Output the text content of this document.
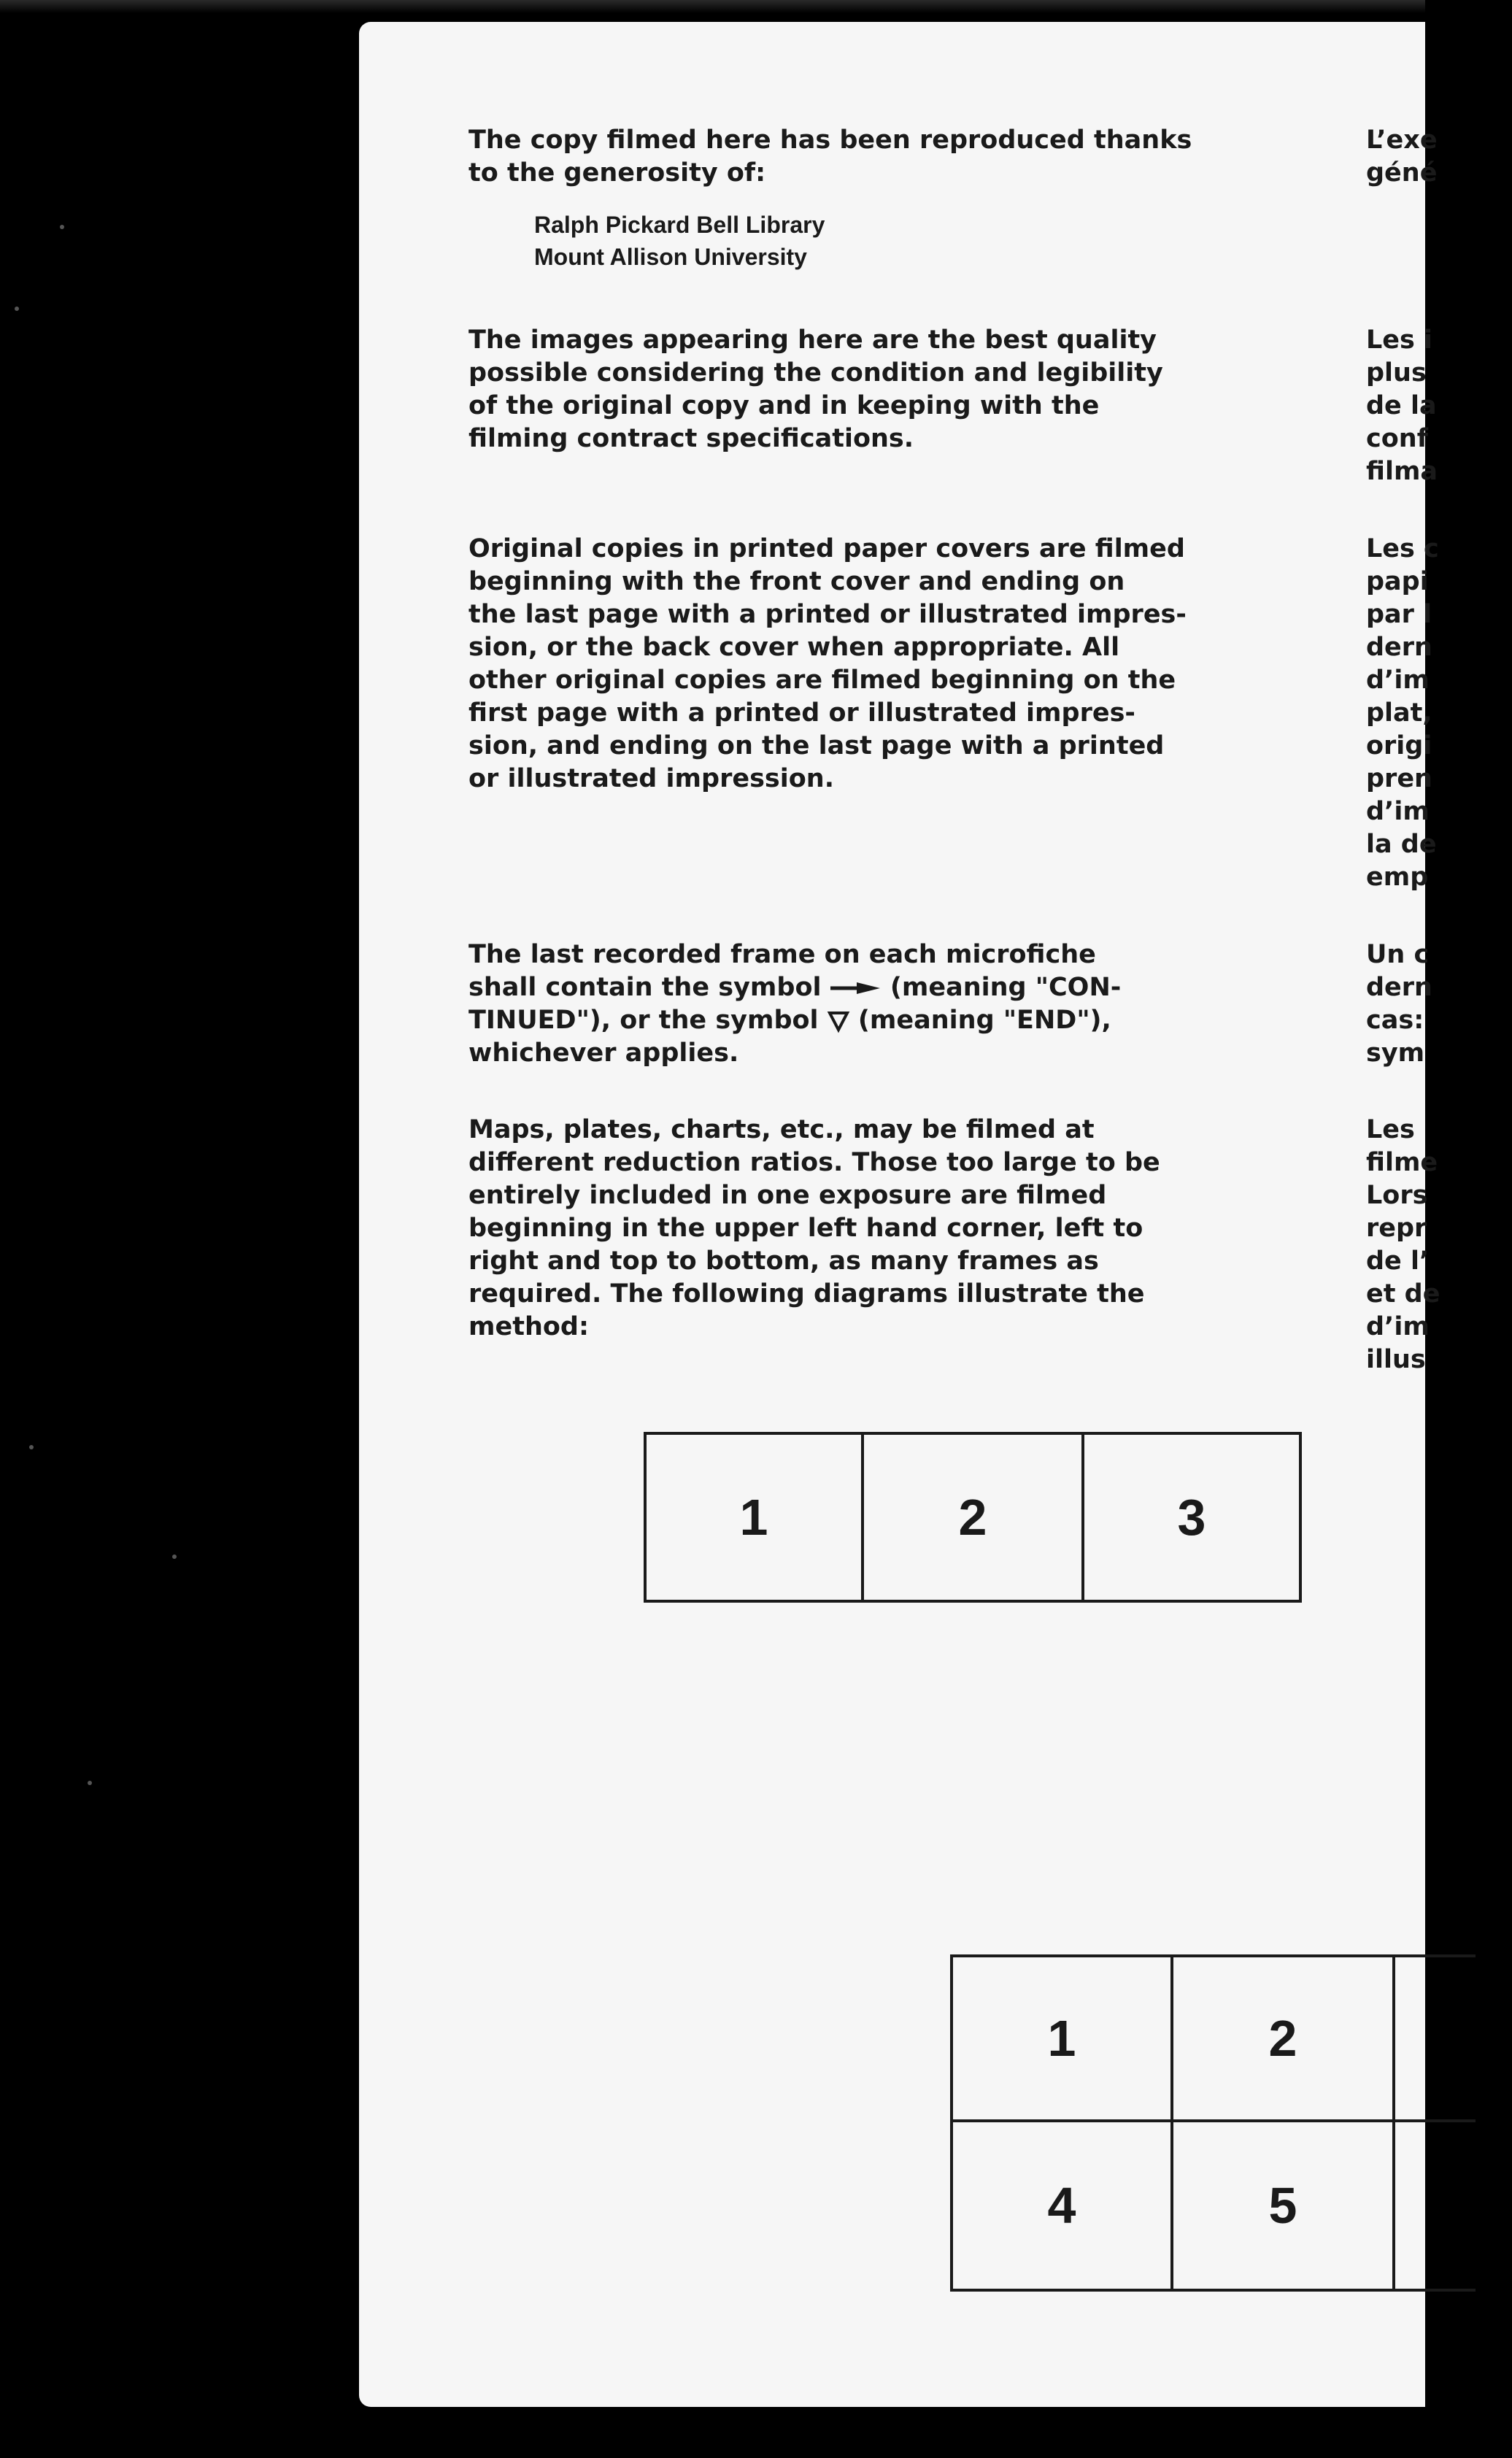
The copy filmed here has been reproduced thanks
to the generosity of:

Ralph Pickard Bell Library
Mount Allison University

The images appearing here are the best quality
possible considering the condition and legibility
of the original copy and in keeping with the
filming contract specifications.

Original copies in printed paper covers are filmed
beginning with the front cover and ending on
the last page with a printed or illustrated impres-
sion, or the back cover when appropriate. All
other original copies are filmed beginning on the
first page with a printed or illustrated impres-
sion, and ending on the last page with a printed
or illustrated impression.

The last recorded frame on each microfiche
shall contain the symbol	(meaning "CON-
TINUED"), or the symbol  (meaning "END"),
whichever applies.

Maps, plates, charts, etc., may be filmed at
different reduction ratios. Those too large to be
entirely included in one exposure are filmed
beginning in the upper left hand corner, left to
right and top to bottom, as many frames as
required. The following diagrams illustrate the
method:

L’exe
géné
Les i
plus
de la
conf
filma
Les c
papi
par l
dern
d’im
plat,
origi
pren
d’im
la de
emp
Un c
dern
cas:
sym
Les
filme
Lors
repr
de l’
et de
d’im
illus
1	2	3
1	2
4	5
